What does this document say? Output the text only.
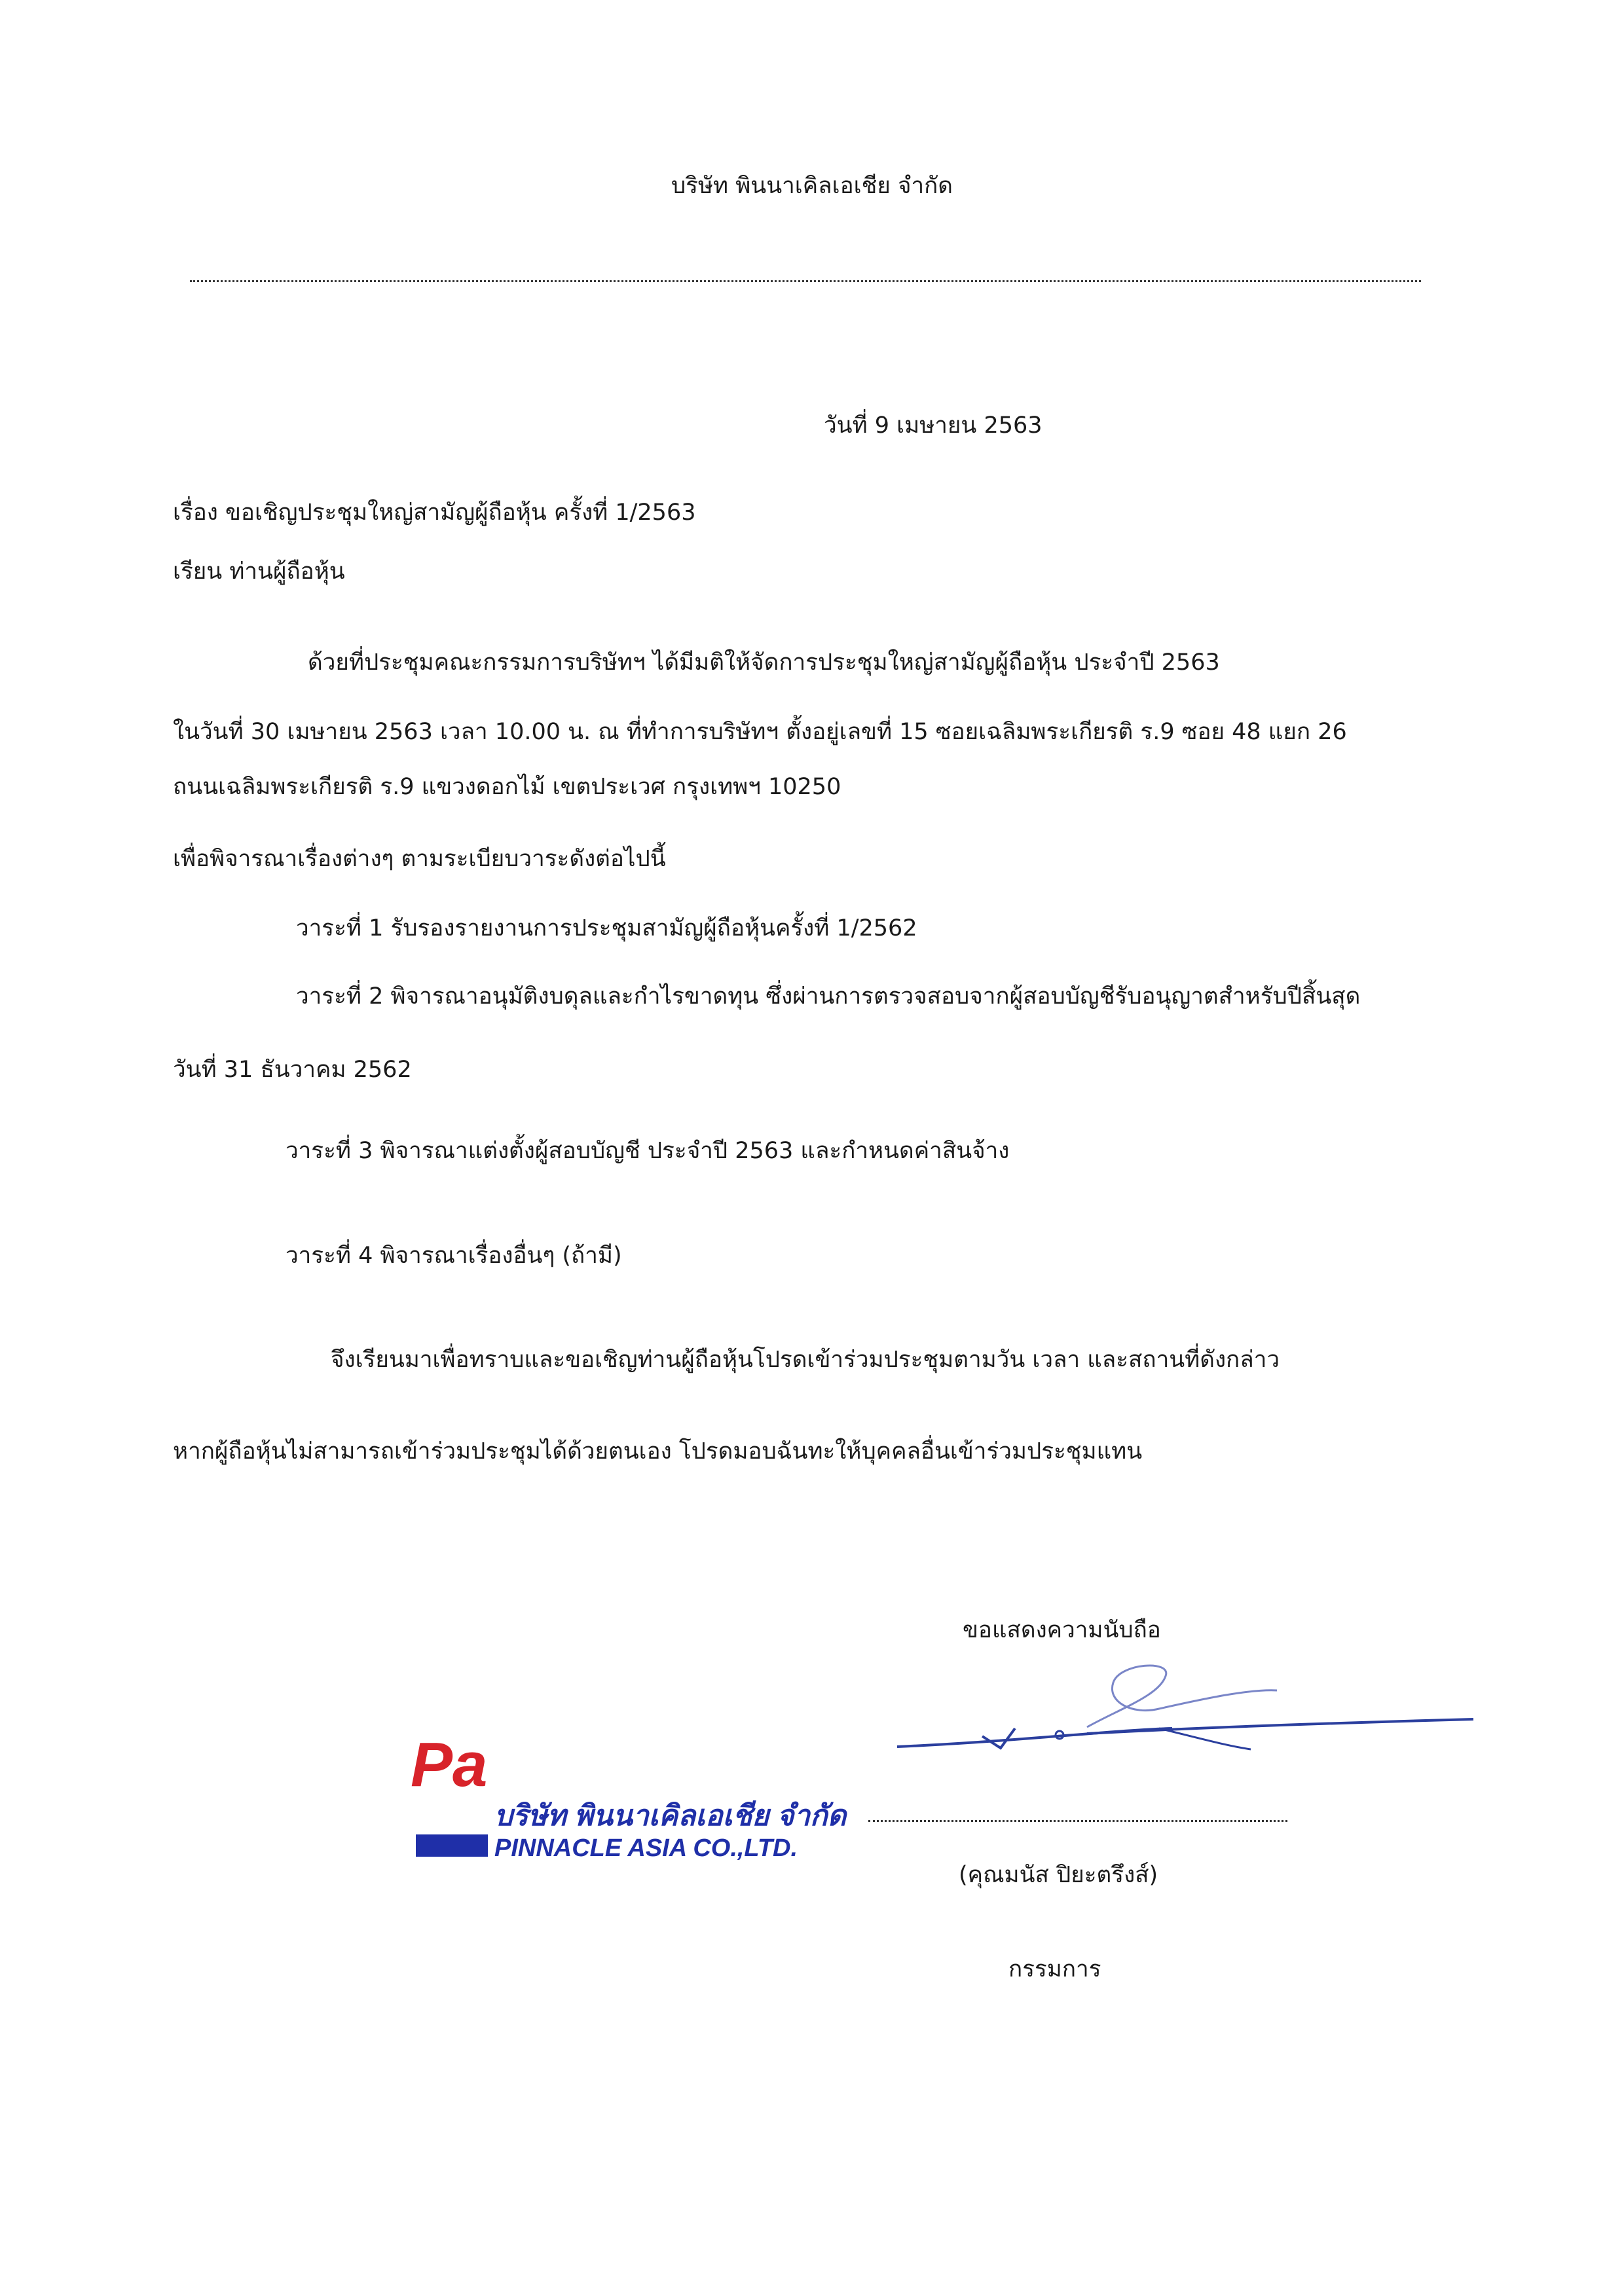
บริษัท พินนาเคิลเอเชีย จำกัด
วันที่ 9 เมษายน 2563
เรื่อง ขอเชิญประชุมใหญ่สามัญผู้ถือหุ้น ครั้งที่ 1/2563
เรียน ท่านผู้ถือหุ้น
ด้วยที่ประชุมคณะกรรมการบริษัทฯ ได้มีมติให้จัดการประชุมใหญ่สามัญผู้ถือหุ้น ประจำปี 2563
ในวันที่ 30 เมษายน 2563 เวลา 10.00 น. ณ ที่ทำการบริษัทฯ ตั้งอยู่เลขที่ 15 ซอยเฉลิมพระเกียรติ ร.9 ซอย 48 แยก 26
ถนนเฉลิมพระเกียรติ ร.9 แขวงดอกไม้ เขตประเวศ กรุงเทพฯ 10250
เพื่อพิจารณาเรื่องต่างๆ ตามระเบียบวาระดังต่อไปนี้
วาระที่ 1 รับรองรายงานการประชุมสามัญผู้ถือหุ้นครั้งที่ 1/2562
วาระที่ 2 พิจารณาอนุมัติงบดุลและกำไรขาดทุน ซึ่งผ่านการตรวจสอบจากผู้สอบบัญชีรับอนุญาตสำหรับปีสิ้นสุด
วันที่ 31 ธันวาคม 2562
วาระที่ 3 พิจารณาแต่งตั้งผู้สอบบัญชี ประจำปี 2563 และกำหนดค่าสินจ้าง
วาระที่ 4 พิจารณาเรื่องอื่นๆ (ถ้ามี)
จึงเรียนมาเพื่อทราบและขอเชิญท่านผู้ถือหุ้นโปรดเข้าร่วมประชุมตามวัน เวลา และสถานที่ดังกล่าว
หากผู้ถือหุ้นไม่สามารถเข้าร่วมประชุมได้ด้วยตนเอง โปรดมอบฉันทะให้บุคคลอื่นเข้าร่วมประชุมแทน
ขอแสดงความนับถือ
(คุณมนัส ปิยะตรึงส์)
กรรมการ
Pa
บริษัท พินนาเคิลเอเชีย จำกัด
PINNACLE ASIA CO.,LTD.
